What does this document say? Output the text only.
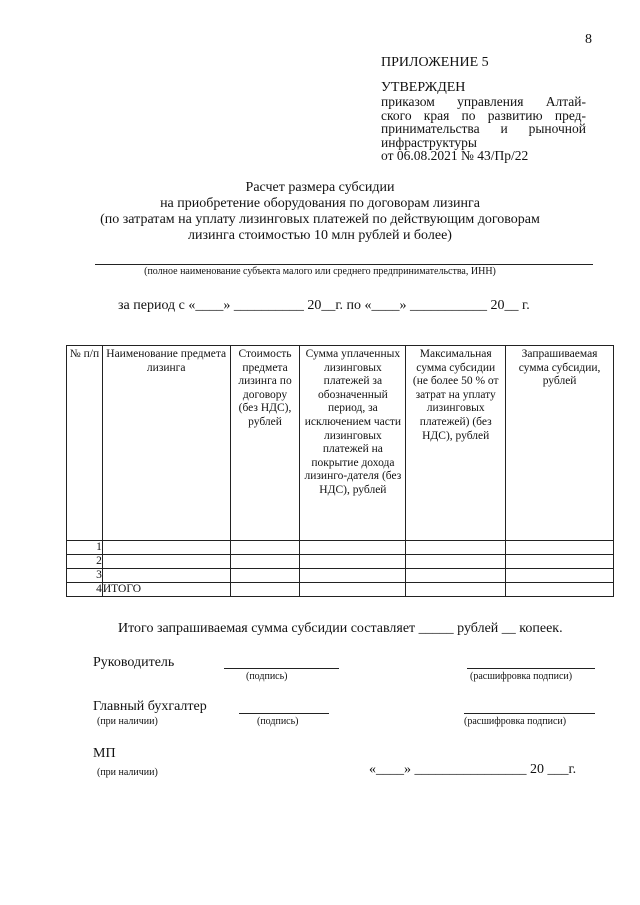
8
ПРИЛОЖЕНИЕ 5
УТВЕРЖДЕН
приказом управления Алтай-
ского края по развитию пред-
принимательства и рыночной
инфраструктуры
от 06.08.2021 № 43/Пр/22
Расчет размера субсидии
на приобретение оборудования по договорам лизинга
(по затратам на уплату лизинговых платежей по действующим договорам
лизинга стоимостью 10 млн рублей и более)
(полное наименование субъекта малого или среднего предпринимательства, ИНН)
за период с «____» __________ 20__г. по «____» ___________ 20__ г.
№ п/п	Наименование предмета лизинга	Стоимость предмета лизинга по договору (без НДС), рублей	Сумма уплаченных лизинговых платежей за обозначенный период, за исключением части лизинговых платежей на покрытие дохода лизинго-дателя (без НДС), рублей	Максимальная сумма субсидии (не более 50 % от затрат на уплату лизинговых платежей) (без НДС), рублей	Запрашиваемая сумма субсидии, рублей
1					
2					
3					
4	ИТОГО				
Итого запрашиваемая сумма субсидии составляет _____ рублей __ копеек.
Руководитель
(подпись)	(расшифровка подписи)
Главный бухгалтер
(при наличии)	(подпись)	(расшифровка подписи)
МП
(при наличии)	«____» ________________ 20 ___г.
